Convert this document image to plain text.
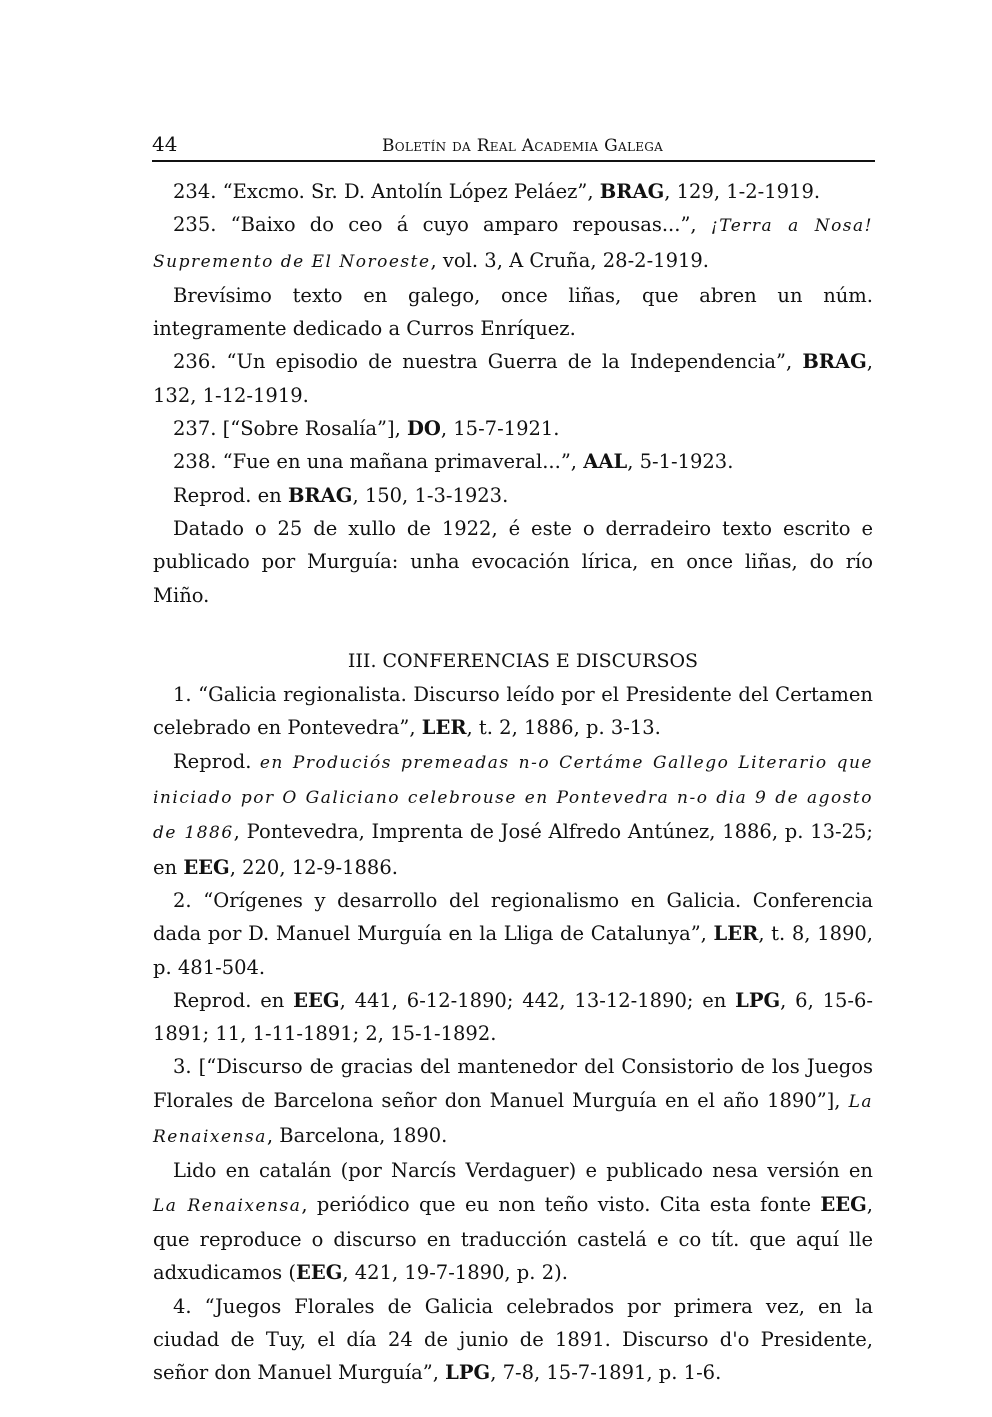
44	Boletín da Real Academia Galega

234. “Excmo. Sr. D. Antolín López Peláez”, BRAG, 129, 1-2-1919.

235. “Baixo do ceo á cuyo amparo repousas...”, ¡Terra a Nosa! Supremento de El Noroeste, vol. 3, A Cruña, 28-2-1919.

Brevísimo texto en galego, once liñas, que abren un núm. integramente dedicado a Curros Enríquez.

236. “Un episodio de nuestra Guerra de la Independencia”, BRAG, 132, 1-12-1919.

237. [“Sobre Rosalía”], DO, 15-7-1921.

238. “Fue en una mañana primaveral...”, AAL, 5-1-1923.

Reprod. en BRAG, 150, 1-3-1923.

Datado o 25 de xullo de 1922, é este o derradeiro texto escrito e publicado por Murguía: unha evocación lírica, en once liñas, do río Miño.

III. CONFERENCIAS E DISCURSOS

1. “Galicia regionalista. Discurso leído por el Presidente del Certamen celebrado en Pontevedra”, LER, t. 2, 1886, p. 3-13.

Reprod. en Produciós premeadas n-o Certáme Gallego Literario que iniciado por O Galiciano celebrouse en Pontevedra n-o dia 9 de agosto de 1886, Pontevedra, Imprenta de José Alfredo Antúnez, 1886, p. 13-25; en EEG, 220, 12-9-1886.

2. “Orígenes y desarrollo del regionalismo en Galicia. Conferencia dada por D. Manuel Murguía en la Lliga de Catalunya”, LER, t. 8, 1890, p. 481-504.

Reprod. en EEG, 441, 6-12-1890; 442, 13-12-1890; en LPG, 6, 15-6-1891; 11, 1-11-1891; 2, 15-1-1892.

3. [“Discurso de gracias del mantenedor del Consistorio de los Juegos Florales de Barcelona señor don Manuel Murguía en el año 1890”], La Renaixensa, Barcelona, 1890.

Lido en catalán (por Narcís Verdaguer) e publicado nesa versión en La Renaixensa, periódico que eu non teño visto. Cita esta fonte EEG, que reproduce o discurso en traducción castelá e co tít. que aquí lle adxudicamos (EEG, 421, 19-7-1890, p. 2).

4. “Juegos Florales de Galicia celebrados por primera vez, en la ciudad de Tuy, el día 24 de junio de 1891. Discurso d'o Presidente, señor don Manuel Murguía”, LPG, 7-8, 15-7-1891, p. 1-6.
